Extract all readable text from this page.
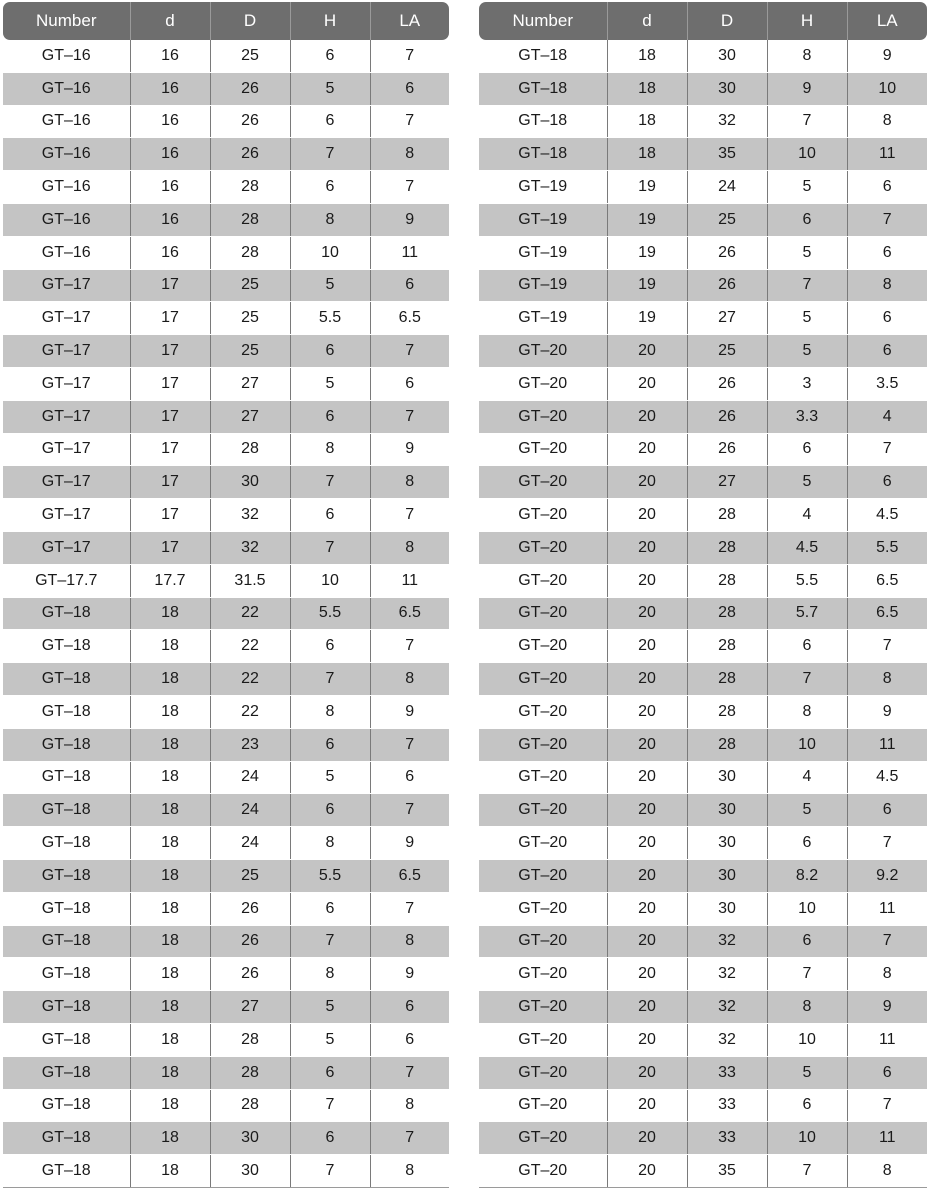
Number	d	D	H	LA
GT–16	16	25	6	7
GT–16	16	26	5	6
GT–16	16	26	6	7
GT–16	16	26	7	8
GT–16	16	28	6	7
GT–16	16	28	8	9
GT–16	16	28	10	11
GT–17	17	25	5	6
GT–17	17	25	5.5	6.5
GT–17	17	25	6	7
GT–17	17	27	5	6
GT–17	17	27	6	7
GT–17	17	28	8	9
GT–17	17	30	7	8
GT–17	17	32	6	7
GT–17	17	32	7	8
GT–17.7	17.7	31.5	10	11
GT–18	18	22	5.5	6.5
GT–18	18	22	6	7
GT–18	18	22	7	8
GT–18	18	22	8	9
GT–18	18	23	6	7
GT–18	18	24	5	6
GT–18	18	24	6	7
GT–18	18	24	8	9
GT–18	18	25	5.5	6.5
GT–18	18	26	6	7
GT–18	18	26	7	8
GT–18	18	26	8	9
GT–18	18	27	5	6
GT–18	18	28	5	6
GT–18	18	28	6	7
GT–18	18	28	7	8
GT–18	18	30	6	7
GT–18	18	30	7	8
Number	d	D	H	LA
GT–18	18	30	8	9
GT–18	18	30	9	10
GT–18	18	32	7	8
GT–18	18	35	10	11
GT–19	19	24	5	6
GT–19	19	25	6	7
GT–19	19	26	5	6
GT–19	19	26	7	8
GT–19	19	27	5	6
GT–20	20	25	5	6
GT–20	20	26	3	3.5
GT–20	20	26	3.3	4
GT–20	20	26	6	7
GT–20	20	27	5	6
GT–20	20	28	4	4.5
GT–20	20	28	4.5	5.5
GT–20	20	28	5.5	6.5
GT–20	20	28	5.7	6.5
GT–20	20	28	6	7
GT–20	20	28	7	8
GT–20	20	28	8	9
GT–20	20	28	10	11
GT–20	20	30	4	4.5
GT–20	20	30	5	6
GT–20	20	30	6	7
GT–20	20	30	8.2	9.2
GT–20	20	30	10	11
GT–20	20	32	6	7
GT–20	20	32	7	8
GT–20	20	32	8	9
GT–20	20	32	10	11
GT–20	20	33	5	6
GT–20	20	33	6	7
GT–20	20	33	10	11
GT–20	20	35	7	8
